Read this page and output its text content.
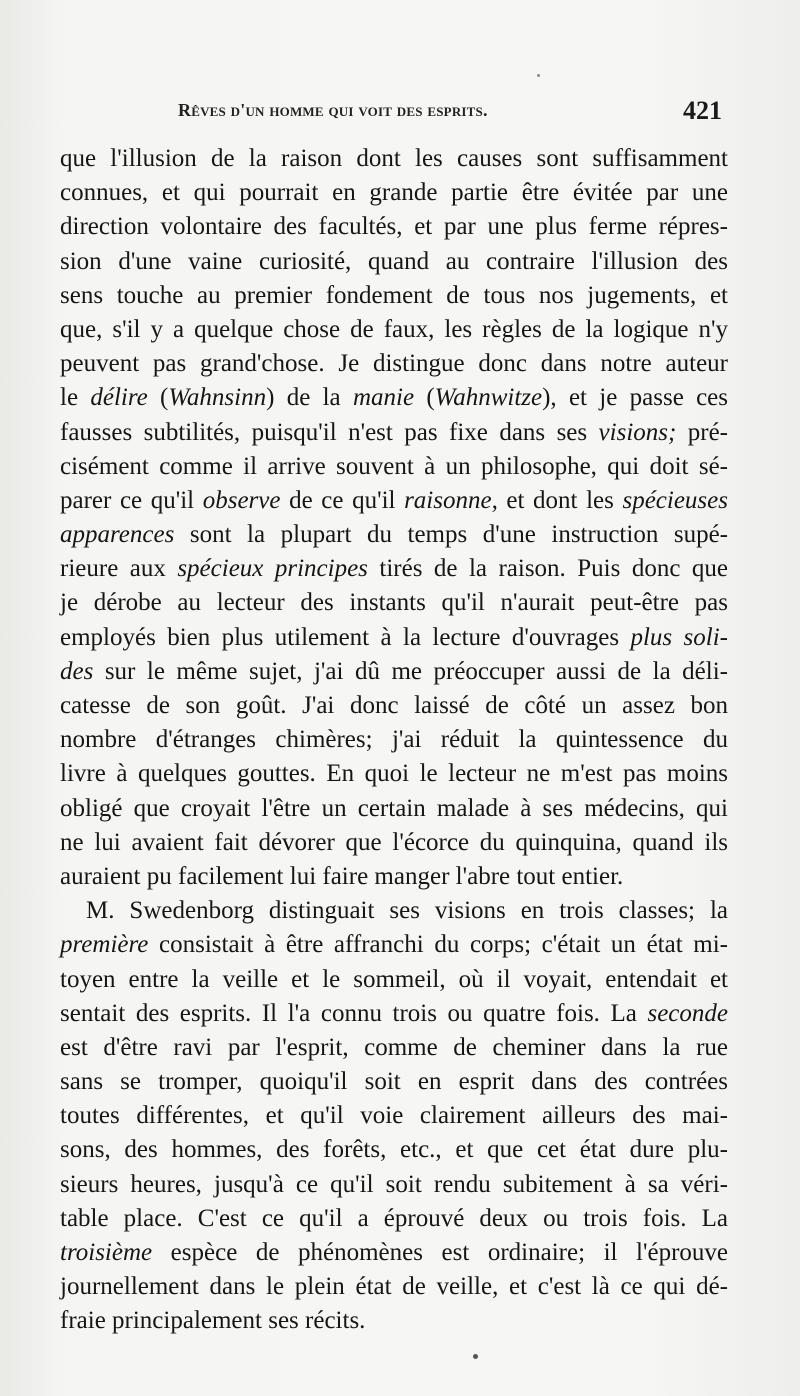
Rêves d'un homme qui voit des esprits.	421
que l'illusion de la raison dont les causes sont suffisamment
connues, et qui pourrait en grande partie être évitée par une
direction volontaire des facultés, et par une plus ferme répres-
sion d'une vaine curiosité, quand au contraire l'illusion des
sens touche au premier fondement de tous nos jugements, et
que, s'il y a quelque chose de faux, les règles de la logique n'y
peuvent pas grand'chose. Je distingue donc dans notre auteur
le délire (Wahnsinn) de la manie (Wahnwitze), et je passe ces
fausses subtilités, puisqu'il n'est pas fixe dans ses visions; pré-
cisément comme il arrive souvent à un philosophe, qui doit sé-
parer ce qu'il observe de ce qu'il raisonne, et dont les spécieuses
apparences sont la plupart du temps d'une instruction supé-
rieure aux spécieux principes tirés de la raison. Puis donc que
je dérobe au lecteur des instants qu'il n'aurait peut-être pas
employés bien plus utilement à la lecture d'ouvrages plus soli-
des sur le même sujet, j'ai dû me préoccuper aussi de la déli-
catesse de son goût. J'ai donc laissé de côté un assez bon
nombre d'étranges chimères; j'ai réduit la quintessence du
livre à quelques gouttes. En quoi le lecteur ne m'est pas moins
obligé que croyait l'être un certain malade à ses médecins, qui
ne lui avaient fait dévorer que l'écorce du quinquina, quand ils
auraient pu facilement lui faire manger l'abre tout entier.
M. Swedenborg distinguait ses visions en trois classes; la
première consistait à être affranchi du corps; c'était un état mi-
toyen entre la veille et le sommeil, où il voyait, entendait et
sentait des esprits. Il l'a connu trois ou quatre fois. La seconde
est d'être ravi par l'esprit, comme de cheminer dans la rue
sans se tromper, quoiqu'il soit en esprit dans des contrées
toutes différentes, et qu'il voie clairement ailleurs des mai-
sons, des hommes, des forêts, etc., et que cet état dure plu-
sieurs heures, jusqu'à ce qu'il soit rendu subitement à sa véri-
table place. C'est ce qu'il a éprouvé deux ou trois fois. La
troisième espèce de phénomènes est ordinaire; il l'éprouve
journellement dans le plein état de veille, et c'est là ce qui dé-
fraie principalement ses récits.
